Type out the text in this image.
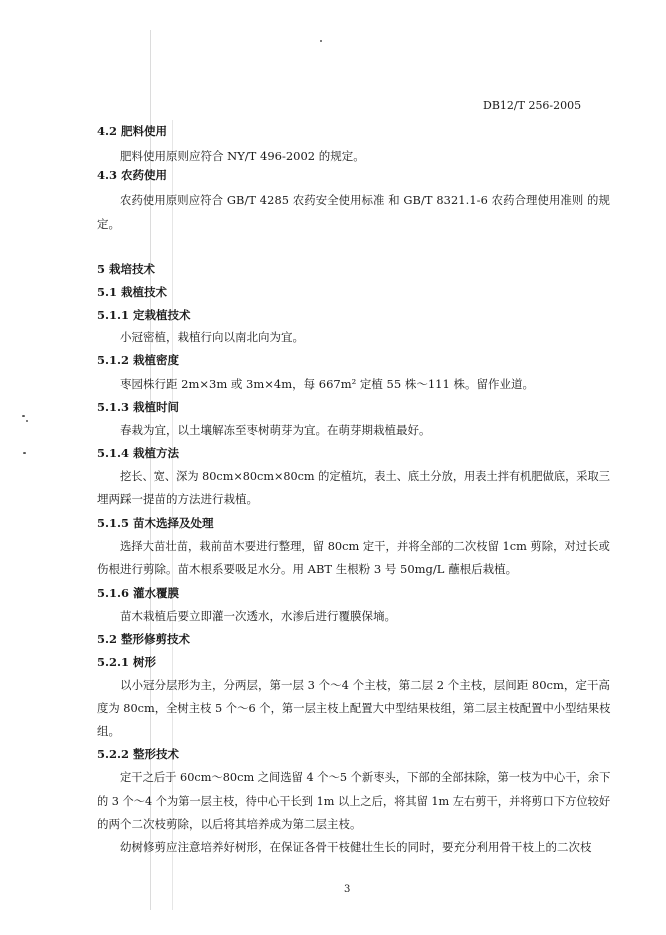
DB12/T 256-2005

4.2 肥料使用

肥料使用原则应符合 NY/T 496-2002 的规定。

4.3 农药使用

农药使用原则应符合 GB/T 4285 农药安全使用标准 和 GB/T 8321.1-6 农药合理使用准则 的规

定。

5 栽培技术

5.1 栽植技术

5.1.1 定栽植技术

小冠密植，栽植行向以南北向为宜。

5.1.2 栽植密度

枣园株行距 2m×3m 或 3m×4m，每 667m² 定植 55 株～111 株。留作业道。

5.1.3 栽植时间

春栽为宜，以土壤解冻至枣树萌芽为宜。在萌芽期栽植最好。

5.1.4 栽植方法

挖长、宽、深为 80cm×80cm×80cm 的定植坑，表土、底土分放，用表土拌有机肥做底，采取三

埋两踩一提苗的方法进行栽植。

5.1.5 苗木选择及处理

选择大苗壮苗，栽前苗木要进行整理，留 80cm 定干，并将全部的二次枝留 1cm 剪除，对过长或

伤根进行剪除。苗木根系要吸足水分。用 ABT 生根粉 3 号 50mg/L 蘸根后栽植。

5.1.6 灌水覆膜

苗木栽植后要立即灌一次透水，水渗后进行覆膜保墒。

5.2 整形修剪技术

5.2.1 树形

以小冠分层形为主，分两层，第一层 3 个～4 个主枝，第二层 2 个主枝，层间距 80cm，定干高

度为 80cm，全树主枝 5 个～6 个，第一层主枝上配置大中型结果枝组，第二层主枝配置中小型结果枝

组。

5.2.2 整形技术

定干之后于 60cm～80cm 之间选留 4 个～5 个新枣头，下部的全部抹除，第一枝为中心干，余下

的 3 个～4 个为第一层主枝，待中心干长到 1m 以上之后，将其留 1m 左右剪干，并将剪口下方位较好

的两个二次枝剪除，以后将其培养成为第二层主枝。

幼树修剪应注意培养好树形，在保证各骨干枝健壮生长的同时，要充分利用骨干枝上的二次枝

3
